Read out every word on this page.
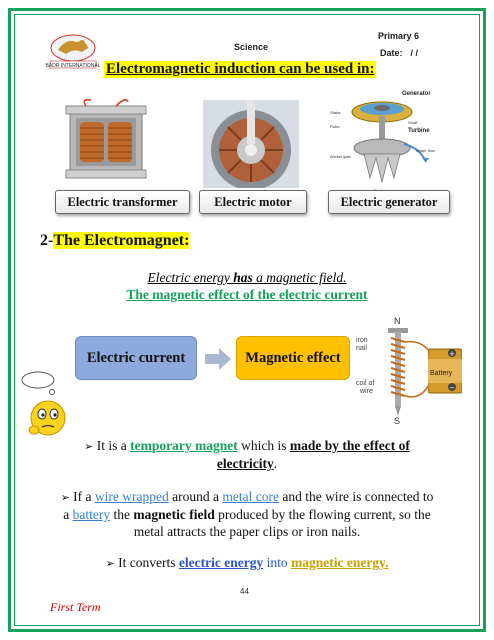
BADR INTERNATIONAL
Science
Primary 6
Date: / /
Electromagnetic induction can be used in:
Generator
Turbine
Stator
Rotor
Shaft
Wicket gate
Water flow
Electric transformer	Electric motor	Electric generator
2-The Electromagnet:
Electric energy has a magnetic field.
The magnetic effect of the electric current
Electric current	Magnetic effect
N
iron
nail
coil of
wire
S
+
−
Battery
➢ It is a temporary magnet which is made by the effect of
electricity.
➢ If a wire wrapped around a metal core and the wire is connected to
a battery the magnetic field produced by the flowing current, so the
metal attracts the paper clips or iron nails.
➢ It converts electric energy into magnetic energy.
44
First Term
